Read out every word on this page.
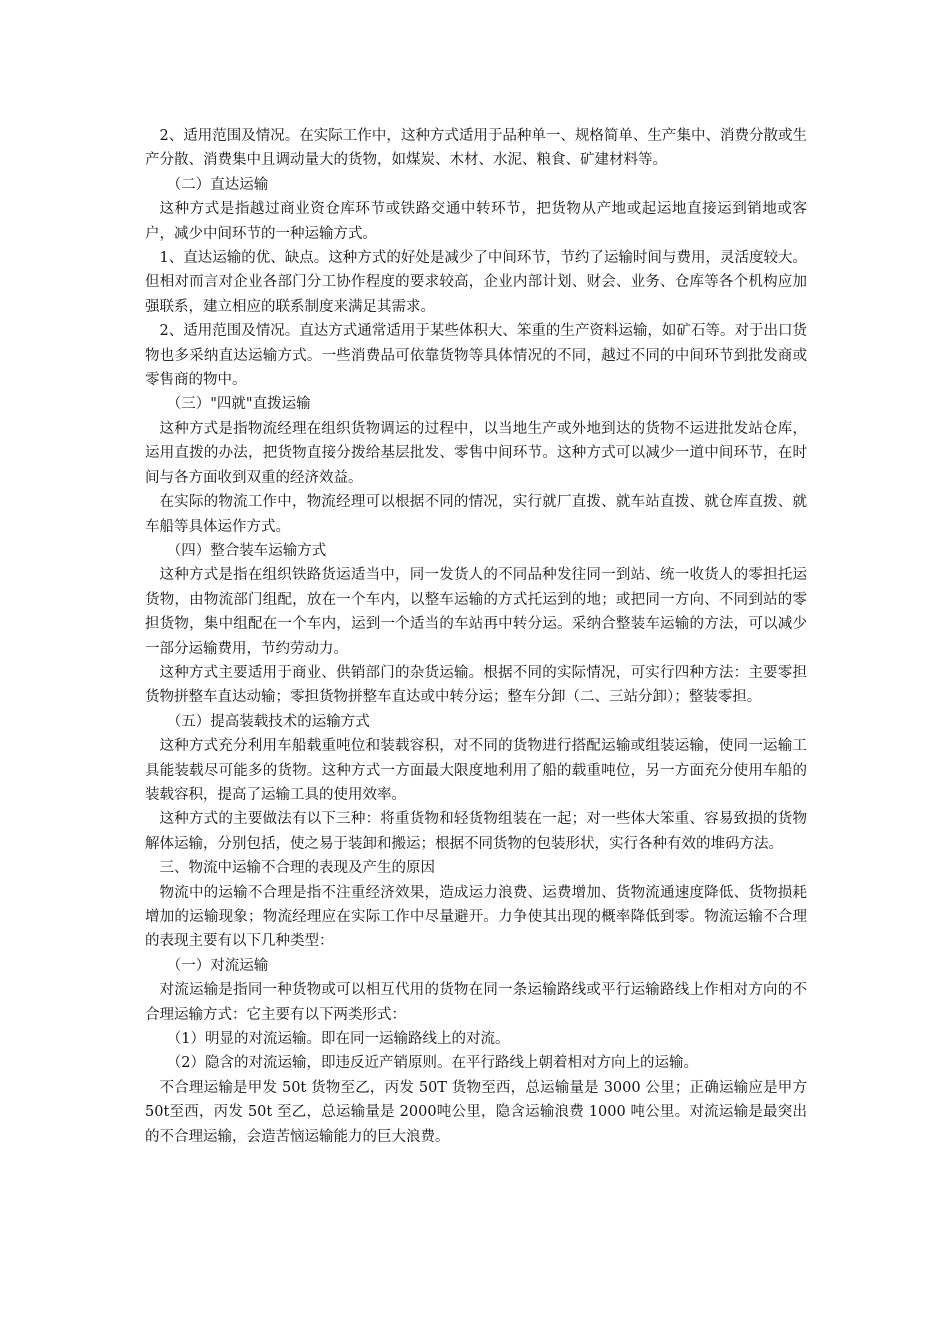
2、适用范围及情况。在实际工作中，这种方式适用于品种单一、规格简单、生产集中、消费分散或生产分散、消费集中且调动量大的货物，如煤炭、木材、水泥、粮食、矿建材料等。

（二）直达运输

这种方式是指越过商业资仓库环节或铁路交通中转环节，把货物从产地或起运地直接运到销地或客户，减少中间环节的一种运输方式。

1、直达运输的优、缺点。这种方式的好处是减少了中间环节，节约了运输时间与费用，灵活度较大。但相对而言对企业各部门分工协作程度的要求较高，企业内部计划、财会、业务、仓库等各个机构应加强联系，建立相应的联系制度来满足其需求。

2、适用范围及情况。直达方式通常适用于某些体积大、笨重的生产资料运输，如矿石等。对于出口货物也多采纳直达运输方式。一些消费品可依靠货物等具体情况的不同，越过不同的中间环节到批发商或零售商的物中。

（三）"四就"直拨运输

这种方式是指物流经理在组织货物调运的过程中，以当地生产或外地到达的货物不运进批发站仓库，运用直拨的办法，把货物直接分拨给基层批发、零售中间环节。这种方式可以减少一道中间环节，在时间与各方面收到双重的经济效益。

在实际的物流工作中，物流经理可以根据不同的情况，实行就厂直拨、就车站直拨、就仓库直拨、就车船等具体运作方式。

（四）整合装车运输方式

这种方式是指在组织铁路货运适当中，同一发货人的不同品种发往同一到站、统一收货人的零担托运货物，由物流部门组配，放在一个车内，以整车运输的方式托运到的地；或把同一方向、不同到站的零担货物，集中组配在一个车内，运到一个适当的车站再中转分运。采纳合整装车运输的方法，可以减少一部分运输费用，节约劳动力。

这种方式主要适用于商业、供销部门的杂货运输。根据不同的实际情况，可实行四种方法：主要零担货物拼整车直达动输；零担货物拼整车直达或中转分运；整车分卸（二、三站分卸）；整装零担。

（五）提高装载技术的运输方式

这种方式充分利用车船载重吨位和装载容积，对不同的货物进行搭配运输或组装运输，使同一运输工具能装载尽可能多的货物。这种方式一方面最大限度地利用了船的载重吨位，另一方面充分使用车船的装载容积，提高了运输工具的使用效率。

这种方式的主要做法有以下三种：将重货物和轻货物组装在一起；对一些体大笨重、容易致损的货物解体运输，分别包括，使之易于装卸和搬运；根据不同货物的包装形状，实行各种有效的堆码方法。

三、物流中运输不合理的表现及产生的原因

物流中的运输不合理是指不注重经济效果，造成运力浪费、运费增加、货物流通速度降低、货物损耗增加的运输现象；物流经理应在实际工作中尽量避开。力争使其出现的概率降低到零。物流运输不合理的表现主要有以下几种类型：

（一）对流运输

对流运输是指同一种货物或可以相互代用的货物在同一条运输路线或平行运输路线上作相对方向的不合理运输方式：它主要有以下两类形式：

（1）明显的对流运输。即在同一运输路线上的对流。

（2）隐含的对流运输，即违反近产销原则。在平行路线上朝着相对方向上的运输。

不合理运输是甲发 50t 货物至乙，丙发 50T 货物至西，总运输量是 3000 公里；正确运输应是甲方 50t至西，丙发 50t 至乙，总运输量是 2000吨公里，隐含运输浪费 1000 吨公里。对流运输是最突出的不合理运输，会造苦恼运输能力的巨大浪费。
